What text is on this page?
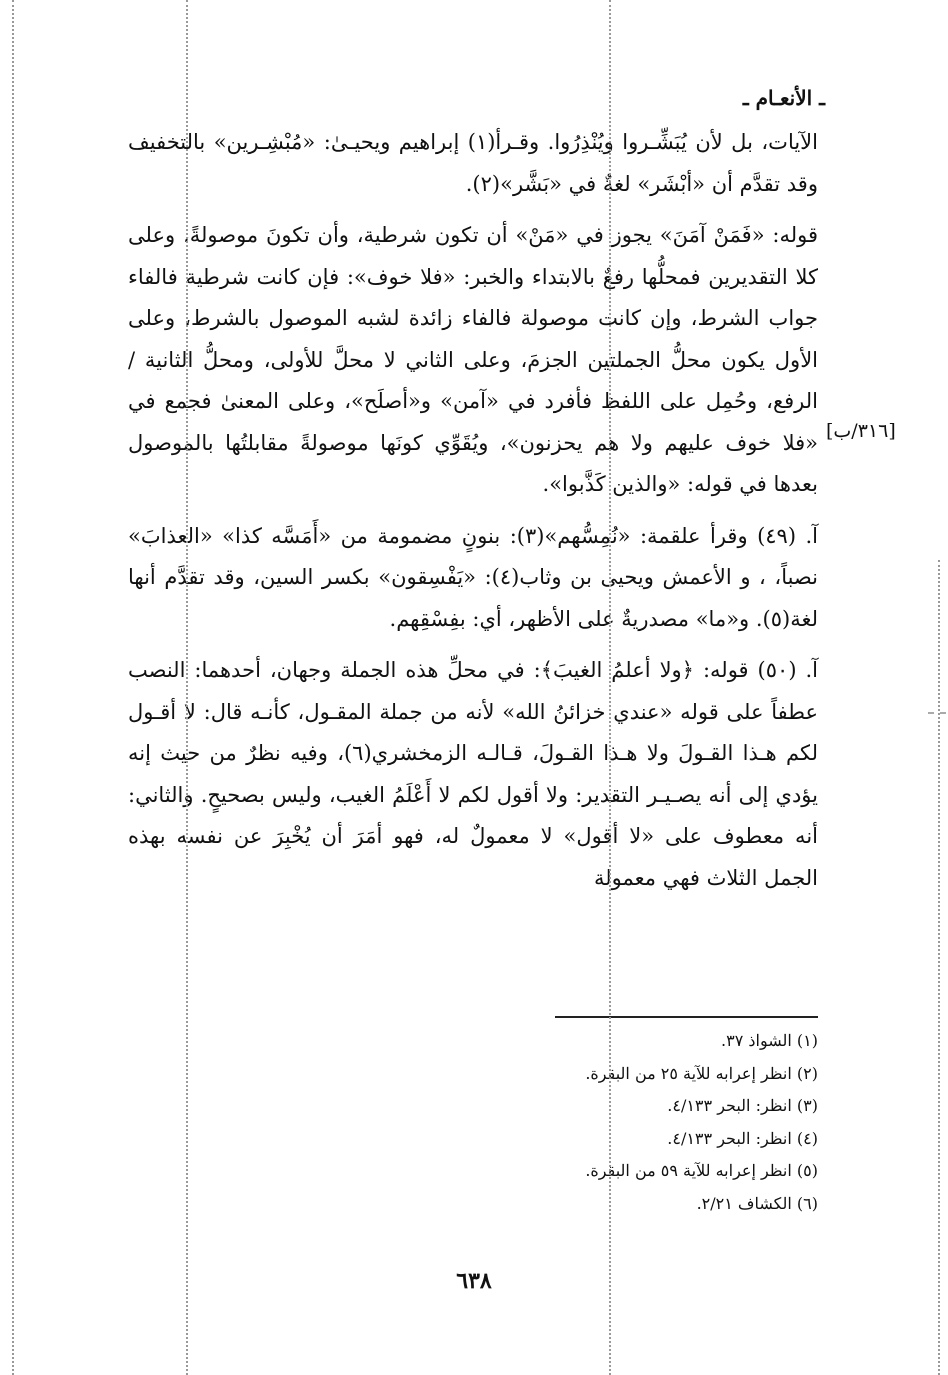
ـ الأنعـام ـ
[٣١٦/ب]

الآيات، بل لأن يُبَشِّـروا ويُنْذِرُوا. وقـرأ(١) إبراهيم ويحيـىٰ: «مُبْشِـرين» بالتخفيف وقد تقدَّم أن «أبْشَر» لغةٌ في «بَشَّر»(٢).

قوله: «فَمَنْ آمَنَ» يجوز في «مَنْ» أن تكون شرطية، وأن تكونَ موصولةً، وعلى كلا التقديرين فمحلُّها رفعٌ بالابتداء والخبر: «فلا خوف»: فإن كانت شرطية فالفاء جواب الشرط، وإن كانت موصولة فالفاء زائدة لشبه الموصول بالشرط، وعلى الأول يكون محلُّ الجملتين الجزمَ، وعلى الثاني لا محلَّ للأولى، ومحلُّ الثانية /الرفع، وحُمِل على اللفظ فأفرد في «آمن» و«أصلَح»، وعلى المعنىٰ فجمع في «فلا خوف عليهم ولا هم يحزنون»، ويُقَوِّي كونَها موصولةً مقابلتُها بالموصول بعدها في قوله: «والذين كَذَّبوا».

آ. (٤٩) وقرأ علقمة: «نُمِسُّهم»(٣): بنونٍ مضمومة من «أَمَسَّه كذا» «العذابَ» نصباً، ، و الأعمش ويحيى بن وثاب(٤): «يَفْسِقون» بكسر السين، وقد تقدَّم أنها لغة(٥). و«ما» مصدريةٌ على الأظهر، أي: بفِسْقِهم.

آ. (٥٠) قوله: ﴿ولا أعلمُ الغيبَ﴾: في محلِّ هذه الجملة وجهان، أحدهما: النصب عطفاً على قوله «عندي خزائنُ الله» لأنه من جملة المقـول، كأنـه قال: لا أقـول لكم هـذا القـولَ ولا هـذا القـولَ، قـالـه الزمخشري(٦)، وفيه نظرٌ من حيث إنه يؤدي إلى أنه يصـيـر التقدير: ولا أقول لكم لا أَعْلَمُ الغيب، وليس بصحيحٍ. والثاني: أنه معطوف على «لا أقول» لا معمولٌ له، فهو أمَرَ أن يُخْبِرَ عن نفسه بهذه الجمل الثلاث فهي معمولة

(١) الشواذ ٣٧.
(٢) انظر إعرابه للآية ٢٥ من البقرة.
(٣) انظر: البحر ٤/١٣٣.
(٤) انظر: البحر ٤/١٣٣.
(٥) انظر إعرابه للآية ٥٩ من البقرة.
(٦) الكشاف ٢/٢١.
٦٣٨
